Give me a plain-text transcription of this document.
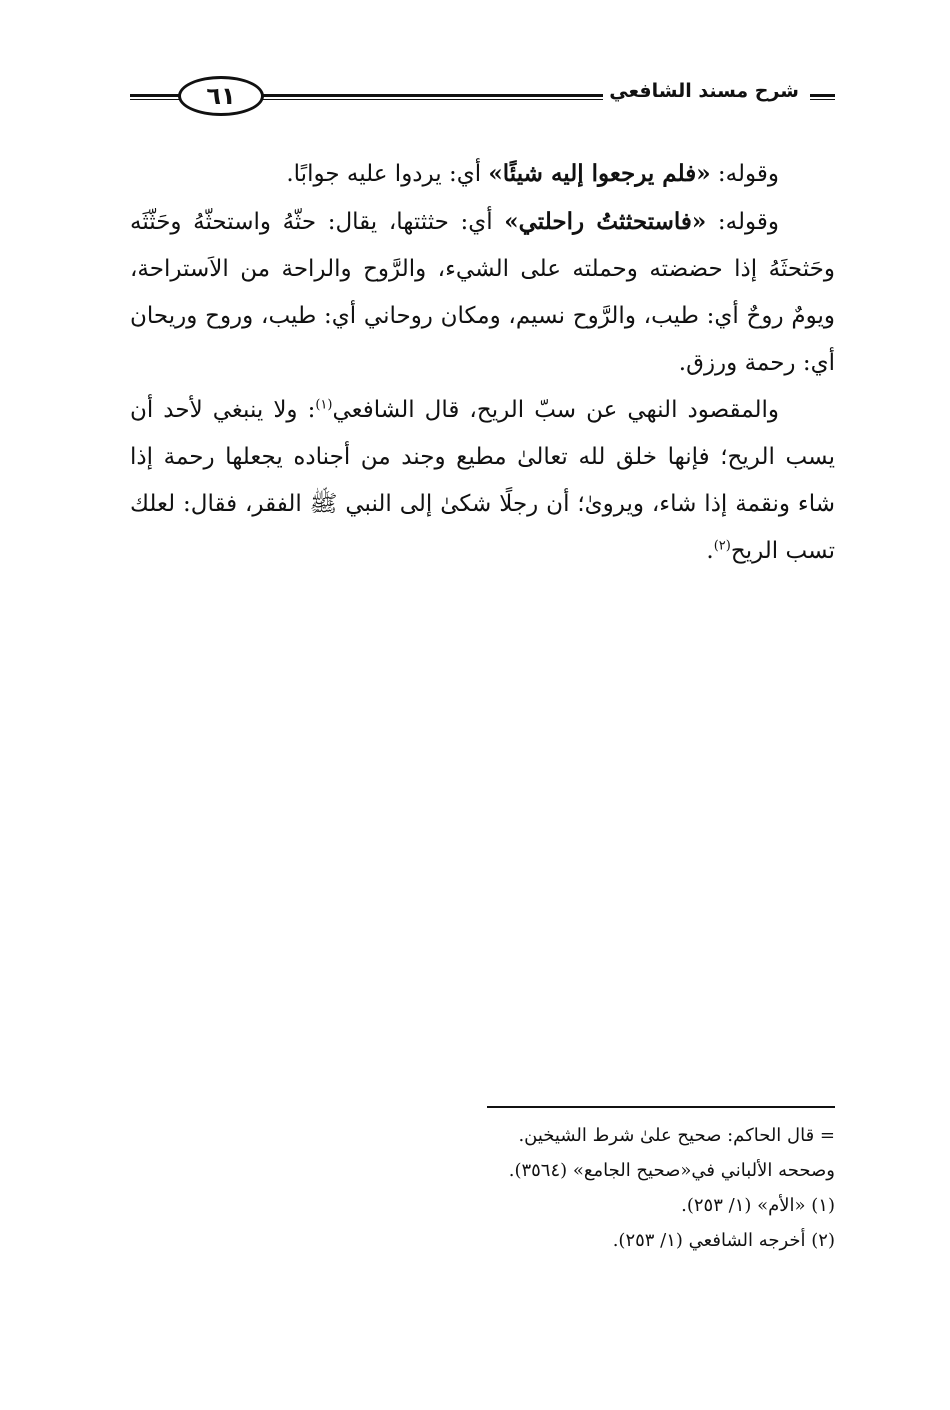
٦١	شرح مسند الشافعي

وقوله: «فلم يرجعوا إليه شيئًا» أي: يردوا عليه جوابًا.

وقوله: «فاستحثثتُ راحلتي» أي: حثثتها، يقال: حثّهُ واستحثّهُ وحَثّثَه وحَثحثَهُ إذا حضضته وحملته على الشيء، والرَّوح والراحة من الاَستراحة، ويومٌ روحٌ أي: طيب، والرَّوح نسيم، ومكان روحاني أي: طيب، وروح وريحان أي: رحمة ورزق.

والمقصود النهي عن سبّ الريح، قال الشافعي$^{(١)}$: ولا ينبغي لأحد أن يسب الريح؛ فإنها خلق لله تعالىٰ مطيع وجند من أجناده يجعلها رحمة إذا شاء ونقمة إذا شاء، ويروىٰ؛ أن رجلًا شكىٰ إلى النبي ﷺ الفقر، فقال: لعلك تسب الريح$^{(٢)}$.

= قال الحاكم: صحيح علىٰ شرط الشيخين.
وصححه الألباني في«صحيح الجامع» (٣٥٦٤).
(١) «الأم» (١/ ٢٥٣).
(٢) أخرجه الشافعي (١/ ٢٥٣).
